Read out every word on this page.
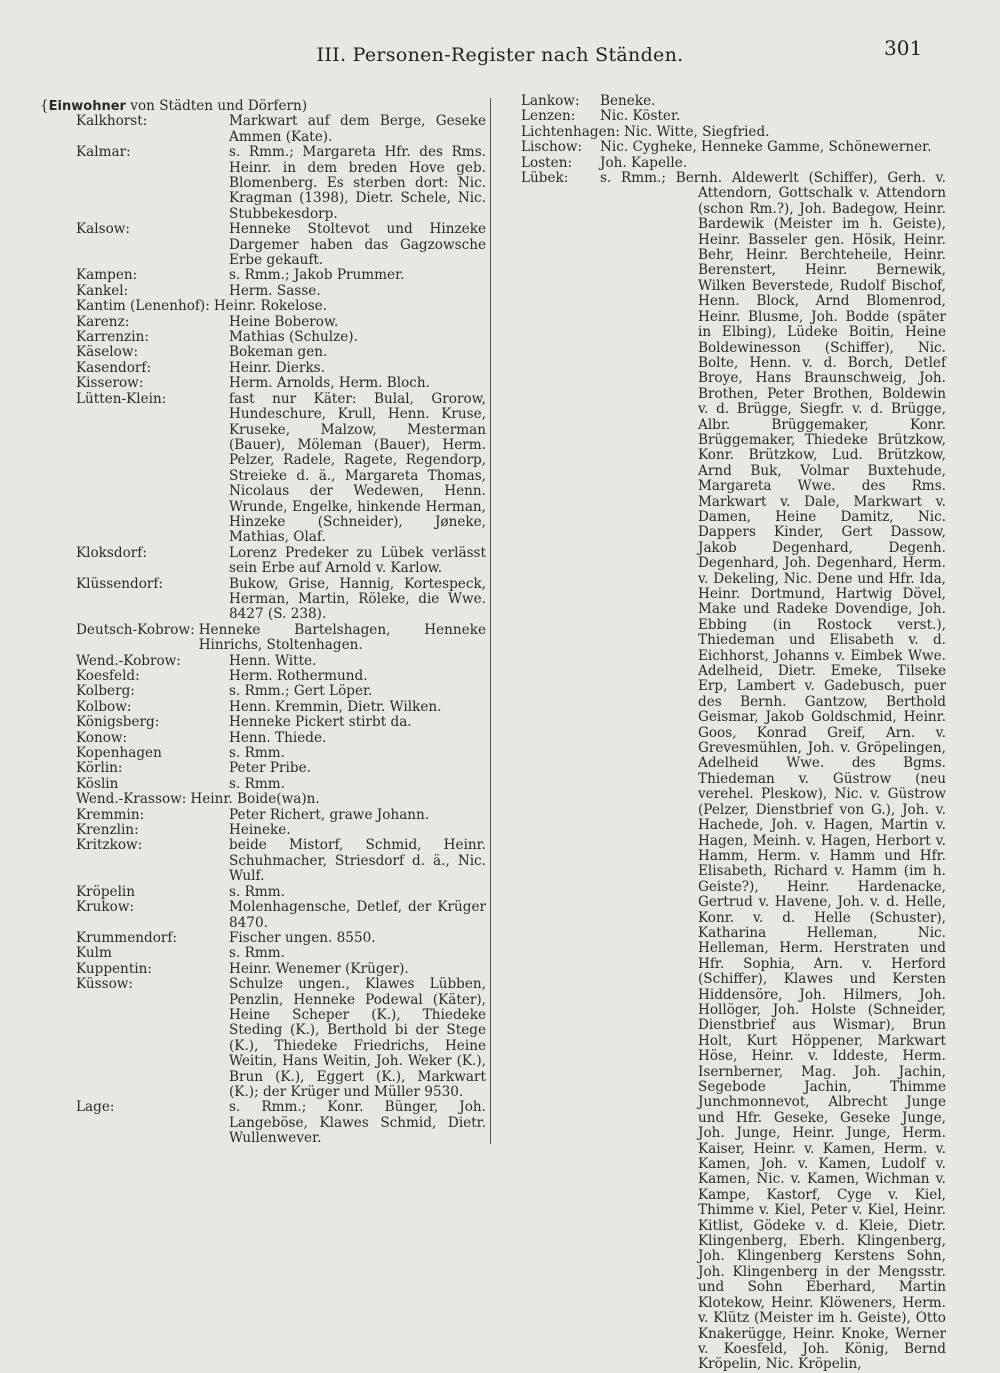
III. Personen-Register nach Ständen.	301
{Einwohner von Städten und Dörfern)
Kalkhorst:	Markwart auf dem Berge, Geseke Ammen (Kate).
Kalmar:	s. Rmm.; Margareta Hfr. des Rms. Heinr. in dem breden Hove geb. Blomenberg. Es sterben dort: Nic. Kragman (1398), Dietr. Schele, Nic. Stubbekesdorp.
Kalsow:	Henneke Stoltevot und Hinzeke Dargemer haben das Gagzowsche Erbe gekauft.
Kampen:	s. Rmm.; Jakob Prummer.
Kankel:	Herm. Sasse.
Kantim (Lenenhof): Heinr. Rokelose.
Karenz:	Heine Boberow.
Karrenzin:	Mathias (Schulze).
Käselow:	Bokeman gen.
Kasendorf:	Heinr. Dierks.
Kisserow:	Herm. Arnolds, Herm. Bloch.
Lütten-Klein:	fast nur Käter: Bulal, Grorow, Hundeschure, Krull, Henn. Kruse, Kruseke, Malzow, Mesterman (Bauer), Möleman (Bauer), Herm. Pelzer, Radele, Ragete, Regendorp, Streieke d. ä., Margareta Thomas, Nicolaus der Wedewen, Henn. Wrunde, Engelke, hinkende Herman, Hinzeke (Schneider), Jøneke, Mathias, Olaf.
Kloksdorf:	Lorenz Predeker zu Lübek verlässt sein Erbe auf Arnold v. Karlow.
Klüssendorf:	Bukow, Grise, Hannig, Kortespeck, Herman, Martin, Röleke, die Wwe. 8427 (S. 238).
Deutsch-Kobrow: Henneke Bartelshagen, Henneke Hinrichs, Stoltenhagen.
Wend.-Kobrow:	Henn. Witte.
Koesfeld:	Herm. Rothermund.
Kolberg:	s. Rmm.; Gert Löper.
Kolbow:	Henn. Kremmin, Dietr. Wilken.
Königsberg:	Henneke Pickert stirbt da.
Konow:	Henn. Thiede.
Kopenhagen	s. Rmm.
Körlin:	Peter Pribe.
Köslin	s. Rmm.
Wend.-Krassow: Heinr. Boide(wa)n.
Kremmin:	Peter Richert, grawe Johann.
Krenzlin:	Heineke.
Kritzkow:	beide Mistorf, Schmid, Heinr. Schuhmacher, Striesdorf d. ä., Nic. Wulf.
Kröpelin	s. Rmm.
Krukow:	Molenhagensche, Detlef, der Krüger 8470.
Krummendorf:	Fischer ungen. 8550.
Kulm	s. Rmm.
Kuppentin:	Heinr. Wenemer (Krüger).
Küssow:	Schulze ungen., Klawes Lübben, Penzlin, Henneke Podewal (Käter), Heine Scheper (K.), Thiedeke Steding (K.), Berthold bi der Stege (K.), Thiedeke Friedrichs, Heine Weitin, Hans Weitin, Joh. Weker (K.), Brun (K.), Eggert (K.), Markwart (K.); der Krüger und Müller 9530.
Lage:	s. Rmm.; Konr. Bünger, Joh. Langeböse, Klawes Schmid, Dietr. Wullenwever.
Lankow:	Beneke.
Lenzen:	Nic. Köster.
Lichtenhagen: Nic. Witte, Siegfried.
Lischow:	Nic. Cygheke, Henneke Gamme, Schönewerner.
Losten:	Joh. Kapelle.
Lübek:	s. Rmm.; Bernh. Aldewerlt (Schiffer), Gerh. v. Attendorn, Gottschalk v. Attendorn (schon Rm.?), Joh. Badegow, Heinr. Bardewik (Meister im h. Geiste), Heinr. Basseler gen. Hösik, Heinr. Behr, Heinr. Berchteheile, Heinr. Berenstert, Heinr. Bernewik, Wilken Beverstede, Rudolf Bischof, Henn. Block, Arnd Blomenrod, Heinr. Blusme, Joh. Bodde (später in Elbing), Lüdeke Boitin, Heine Boldewinesson (Schiffer), Nic. Bolte, Henn. v. d. Borch, Detlef Broye, Hans Braunschweig, Joh. Brothen, Peter Brothen, Boldewin v. d. Brügge, Siegfr. v. d. Brügge, Albr. Brüggemaker, Konr. Brüggemaker, Thiedeke Brützkow, Konr. Brützkow, Lud. Brützkow, Arnd Buk, Volmar Buxtehude, Margareta Wwe. des Rms. Markwart v. Dale, Markwart v. Damen, Heine Damitz, Nic. Dappers Kinder, Gert Dassow, Jakob Degenhard, Degenh. Degenhard, Joh. Degenhard, Herm. v. Dekeling, Nic. Dene und Hfr. Ida, Heinr. Dortmund, Hartwig Dövel, Make und Radeke Dovendige, Joh. Ebbing (in Rostock verst.), Thiedeman und Elisabeth v. d. Eichhorst, Johanns v. Eimbek Wwe. Adelheid, Dietr. Emeke, Tilseke Erp, Lambert v. Gadebusch, puer des Bernh. Gantzow, Berthold Geismar, Jakob Goldschmid, Heinr. Goos, Konrad Greif, Arn. v. Grevesmühlen, Joh. v. Gröpelingen, Adelheid Wwe. des Bgms. Thiedeman v. Güstrow (neu verehel. Pleskow), Nic. v. Güstrow (Pelzer, Dienstbrief von G.), Joh. v. Hachede, Joh. v. Hagen, Martin v. Hagen, Meinh. v. Hagen, Herbort v. Hamm, Herm. v. Hamm und Hfr. Elisabeth, Richard v. Hamm (im h. Geiste?), Heinr. Hardenacke, Gertrud v. Havene, Joh. v. d. Helle, Konr. v. d. Helle (Schuster), Katharina Helleman, Nic. Helleman, Herm. Herstraten und Hfr. Sophia, Arn. v. Herford (Schiffer), Klawes und Kersten Hiddensöre, Joh. Hilmers, Joh. Hollöger, Joh. Holste (Schneider, Dienstbrief aus Wismar), Brun Holt, Kurt Höppener, Markwart Höse, Heinr. v. Iddeste, Herm. Isernberner, Mag. Joh. Jachin, Segebode Jachin, Thimme Junchmonnevot, Albrecht Junge und Hfr. Geseke, Geseke Junge, Joh. Junge, Heinr. Junge, Herm. Kaiser, Heinr. v. Kamen, Herm. v. Kamen, Joh. v. Kamen, Ludolf v. Kamen, Nic. v. Kamen, Wichman v. Kampe, Kastorf, Cyge v. Kiel, Thimme v. Kiel, Peter v. Kiel, Heinr. Kitlist, Gödeke v. d. Kleie, Dietr. Klingenberg, Eberh. Klingenberg, Joh. Klingenberg Kerstens Sohn, Joh. Klingenberg in der Mengsstr. und Sohn Eberhard, Martin Klotekow, Heinr. Klöweners, Herm. v. Klütz (Meister im h. Geiste), Otto Knakerügge, Heinr. Knoke, Werner v. Koesfeld, Joh. König, Bernd Kröpelin, Nic. Kröpelin,
